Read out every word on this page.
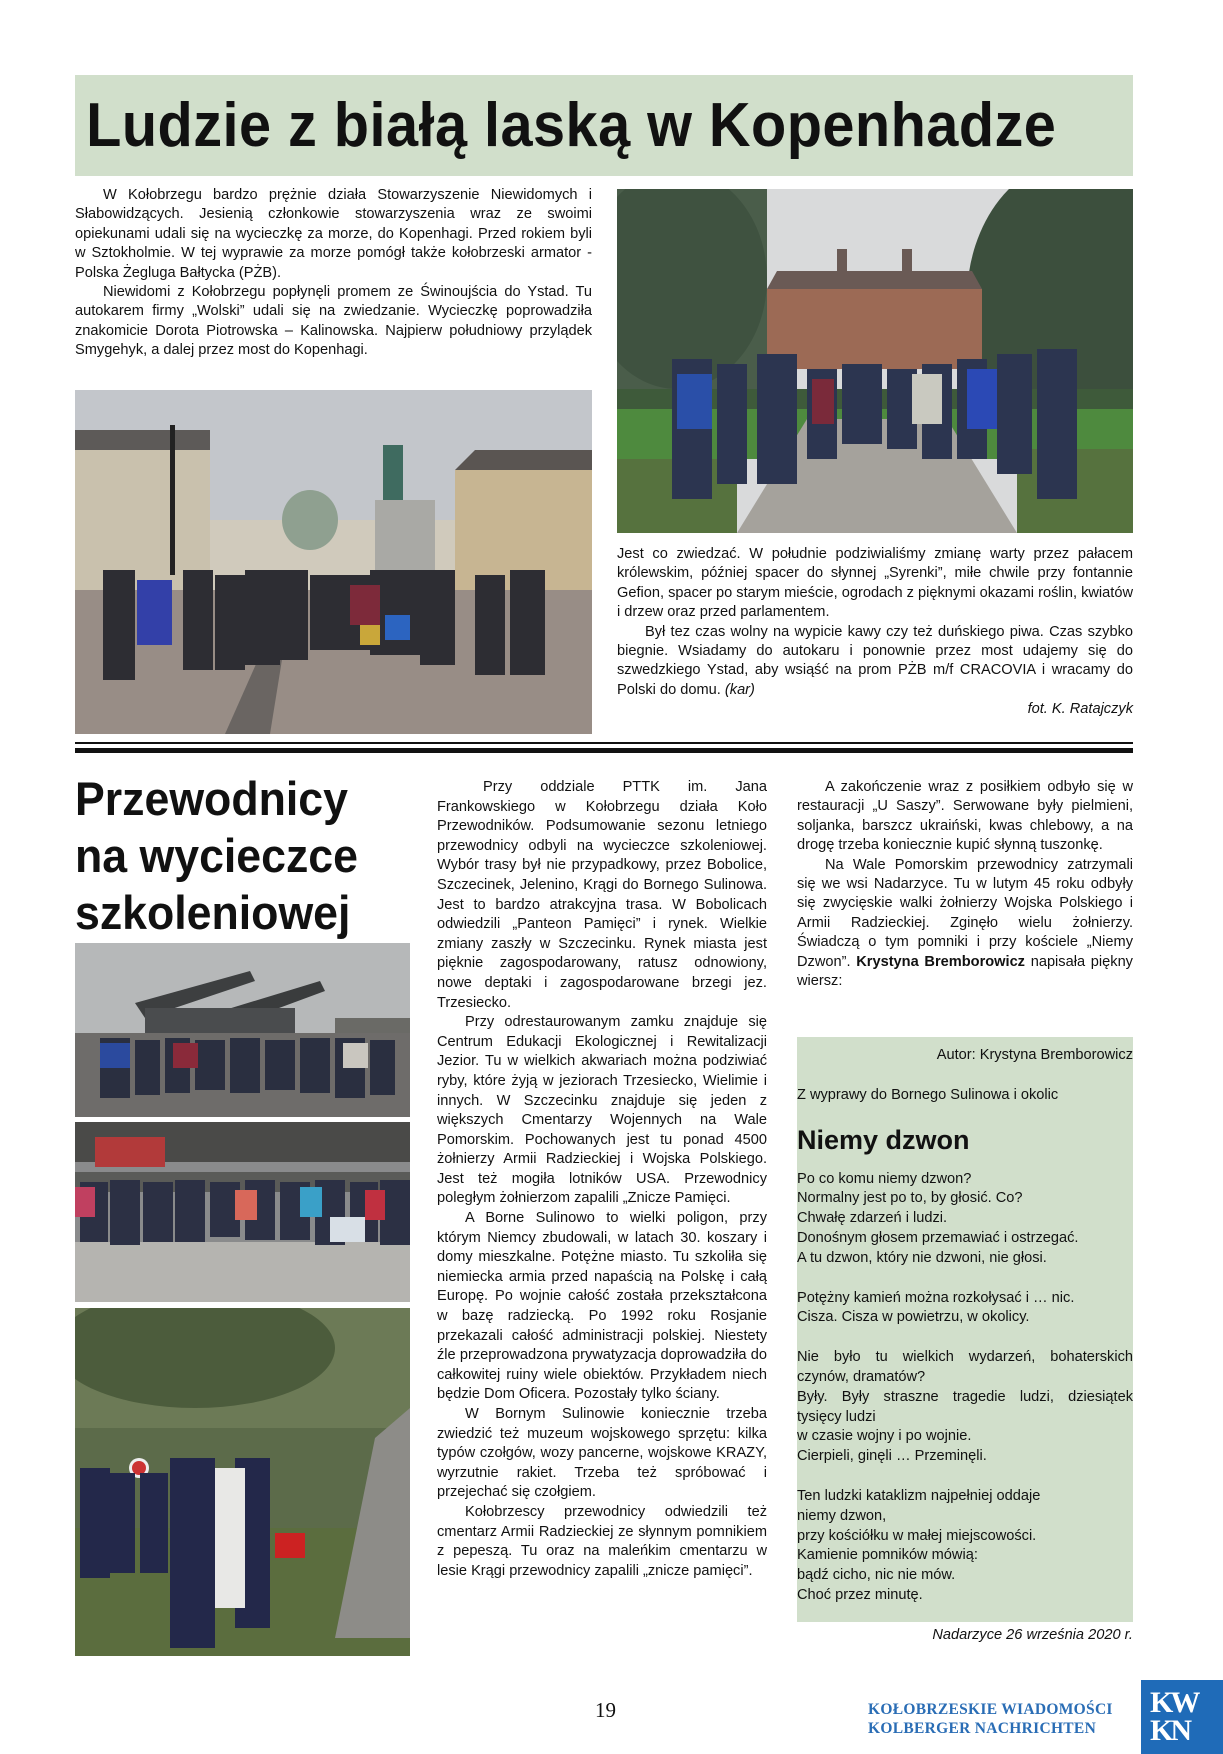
Ludzie z białą laską w Kopenhadze

W Kołobrzegu bardzo prężnie działa Stowarzyszenie Niewidomych i Słabowidzących. Jesienią członkowie stowarzyszenia wraz ze swoimi opiekunami udali się na wycieczkę za morze, do Kopenhagi. Przed rokiem byli w Sztokholmie. W tej wyprawie za morze pomógł także kołobrzeski armator - Polska Żegluga Bałtycka (PŻB).

Niewidomi z Kołobrzegu popłynęli promem ze Świnoujścia do Ystad. Tu autokarem firmy „Wolski” udali się na zwiedzanie. Wycieczkę poprowadziła znakomicie Dorota Piotrowska – Kalinowska. Najpierw południowy przylądek Smygehyk, a dalej przez most do Kopenhagi.

Jest co zwiedzać. W południe podziwialiśmy zmianę warty przez pałacem królewskim, później spacer do słynnej „Syrenki”, miłe chwile przy fontannie Gefion, spacer po starym mieście, ogrodach z pięknymi okazami roślin, kwiatów i drzew oraz przed parlamentem.

Był tez czas wolny na wypicie kawy czy też duńskiego piwa. Czas szybko biegnie. Wsiadamy do autokaru i ponownie przez most udajemy się do szwedzkiego Ystad, aby wsiąść na prom PŻB m/f CRACOVIA i wracamy do Polski do domu. (kar)

fot. K. Ratajczyk
Przewodnicy
na wycieczce
szkoleniowej

Przy oddziale PTTK im. Jana Frankowskiego w Kołobrzegu działa Koło Przewodników. Podsumowanie sezonu letniego przewodnicy odbyli na wycieczce szkoleniowej. Wybór trasy był nie przypadkowy, przez Bobolice, Szczecinek, Jelenino, Krągi do Bornego Sulinowa. Jest to bardzo atrakcyjna trasa. W Bobolicach odwiedzili „Panteon Pamięci” i rynek. Wielkie zmiany zaszły w Szczecinku. Rynek miasta jest pięknie zagospodarowany, ratusz odnowiony, nowe deptaki i zagospodarowane brzegi jez. Trzesiecko.

Przy odrestaurowanym zamku znajduje się Centrum Edukacji Ekologicznej i Rewitalizacji Jezior. Tu w wielkich akwariach można podziwiać ryby, które żyją w jeziorach Trzesiecko, Wielimie i innych. W Szczecinku znajduje się jeden z większych Cmentarzy Wojennych na Wale Pomorskim. Pochowanych jest tu ponad 4500 żołnierzy Armii Radzieckiej i Wojska Polskiego. Jest też mogiła lotników USA. Przewodnicy poległym żołnierzom zapalili „Znicze Pamięci.

A Borne Sulinowo to wielki poligon, przy którym Niemcy zbudowali, w latach 30. koszary i domy mieszkalne. Potężne miasto. Tu szkoliła się niemiecka armia przed napaścią na Polskę i całą Europę. Po wojnie całość została przekształcona w bazę radziecką. Po 1992 roku Rosjanie przekazali całość administracji polskiej. Niestety źle przeprowadzona prywatyzacja doprowadziła do całkowitej ruiny wiele obiektów. Przykładem niech będzie Dom Oficera. Pozostały tylko ściany.

W Bornym Sulinowie koniecznie trzeba zwiedzić też muzeum wojskowego sprzętu: kilka typów czołgów, wozy pancerne, wojskowe KRAZY, wyrzutnie rakiet. Trzeba też spróbować i przejechać się czołgiem.

Kołobrzescy przewodnicy odwiedzili też cmentarz Armii Radzieckiej ze słynnym pomnikiem z pepeszą. Tu oraz na maleńkim cmentarzu w lesie Krągi przewodnicy zapalili „znicze pamięci”.

A zakończenie wraz z posiłkiem odbyło się w restauracji „U Saszy”. Serwowane były pielmieni, soljanka, barszcz ukraiński, kwas chlebowy, a na drogę trzeba koniecznie kupić słynną tuszonkę.

Na Wale Pomorskim przewodnicy zatrzymali się we wsi Nadarzyce. Tu w lutym 45 roku odbyły się zwycięskie walki żołnierzy Wojska Polskiego i Armii Radzieckiej. Zginęło wielu żołnierzy. Świadczą o tym pomniki i przy kościele „Niemy Dzwon”. Krystyna Bremborowicz napisała piękny wiersz:

Autor: Krystyna Bremborowicz
Z wyprawy do Bornego Sulinowa i okolic
Niemy dzwon
Po co komu niemy dzwon?
Normalny jest po to, by głosić. Co?
Chwałę zdarzeń i ludzi.
Donośnym głosem przemawiać i ostrzegać.
A tu dzwon, który nie dzwoni, nie głosi.
Potężny kamień można rozkołysać i … nic.
Cisza. Cisza w powietrzu, w okolicy.
Nie było tu wielkich wydarzeń, bohaterskich
czynów, dramatów?
Były. Były straszne tragedie ludzi, dziesiątek
tysięcy ludzi
w czasie wojny i po wojnie.
Cierpieli, ginęli … Przeminęli.
Ten ludzki kataklizm najpełniej oddaje
niemy dzwon,
przy kościółku w małej miejscowości.
Kamienie pomników mówią:
bądź cicho, nic nie mów.
Choć przez minutę.
Nadarzyce 26 września 2020 r.
19	KOŁOBRZESKIE WIADOMOŚCI
KOLBERGER NACHRICHTEN
KW
KN
